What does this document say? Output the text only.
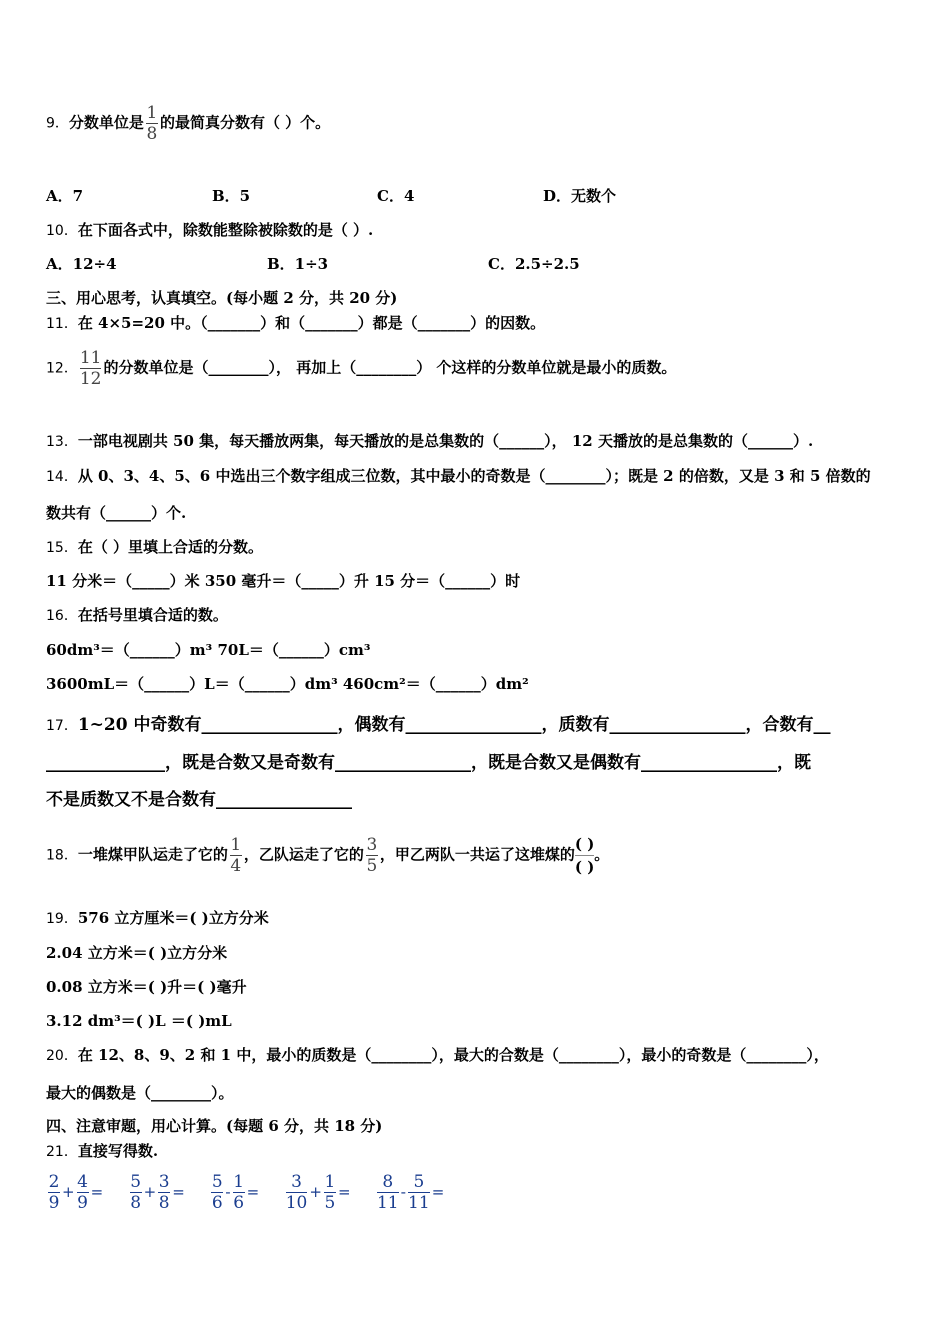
9．分数单位是 $\frac{1}{8}$ 的最简真分数有（ ）个。
A．7	B．5	C．4	D．无数个
10．在下面各式中，除数能整除被除数的是（ ）.
A．12÷4	B．1÷3	C．2.5÷2.5
三、用心思考，认真填空。(每小题 2 分，共 20 分)
11．在 4×5=20 中。（_______）和（_______）都是（_______）的因数。
12． $\frac{11}{12}$ 的分数单位是（________）， 再加上（________） 个这样的分数单位就是最小的质数。
13．一部电视剧共 50 集，每天播放两集，每天播放的是总集数的（______）， 12 天播放的是总集数的（______）.
14．从 0、3、4、5、6 中选出三个数字组成三位数，其中最小的奇数是（________）；既是 2 的倍数，又是 3 和 5 倍数的
数共有（______）个.
15．在（ ）里填上合适的分数。
11 分米＝（_____）米 350 毫升＝（_____）升 15 分＝（______）时
16．在括号里填合适的数。
60dm³＝（______）m³ 70L＝（______）cm³
3600mL＝（______）L＝（______）dm³ 460cm²＝（______）dm²
17．1~20 中奇数有________________，偶数有________________，质数有________________，合数有__
______________，既是合数又是奇数有________________，既是合数又是偶数有________________，既
不是质数又不是合数有________________
18．一堆煤甲队运走了它的 $\frac{1}{4}$ ，乙队运走了它的 $\frac{3}{5}$ ，甲乙两队一共运了这堆煤的
( )
( )
。
19．576 立方厘米＝( )立方分米
2.04 立方米＝( )立方分米
0.08 立方米＝( )升＝( )毫升
3.12 dm³＝( )L ＝( )mL
20．在 12、8、9、2 和 1 中，最小的质数是（________），最大的合数是（________），最小的奇数是（________），
最大的偶数是（________）。
四、注意审题，用心计算。(每题 6 分，共 18 分)
21．直接写得数.
$\frac{2}{9} + \frac{4}{9} = \frac{5}{8} + \frac{3}{8} = \frac{5}{6} - \frac{1}{6} = \frac{3}{10} + \frac{1}{5} = \frac{8}{11} - \frac{5}{11}$ =
